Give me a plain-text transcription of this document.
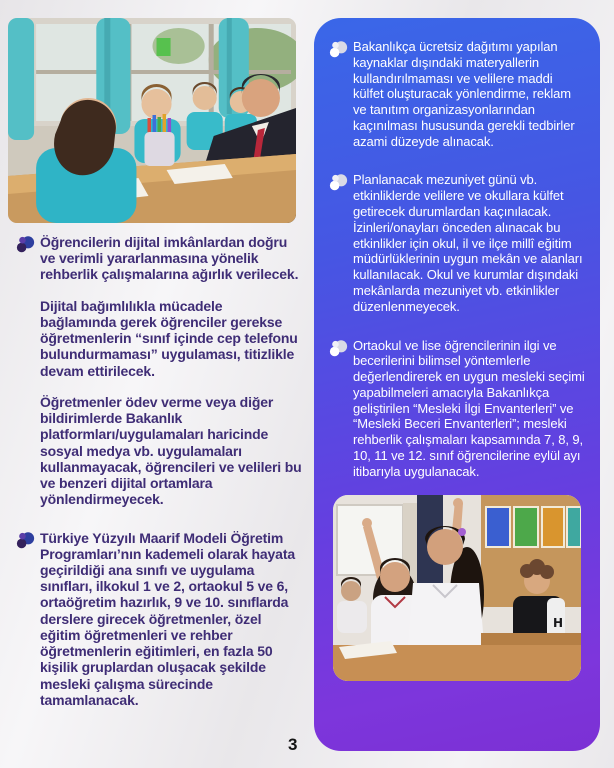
Öğrencilerin dijital imkânlardan doğru ve verimli yararlanmasına yönelik rehberlik çalışmalarına ağırlık verilecek.

Dijital bağımlılıkla mücadele bağlamında gerek öğrenciler gerekse öğretmenlerin “sınıf içinde cep telefonu bulundurmaması” uygulaması, titizlikle devam ettirilecek.

Öğretmenler ödev verme veya diğer bildirimlerde Bakanlık platformları/uygulamaları haricinde sosyal medya vb. uygulamaları kullanmayacak, öğrencileri ve velileri bu ve benzeri dijital ortamlara yönlendirmeyecek.

Türkiye Yüzyılı Maarif Modeli Öğretim Programları’nın kademeli olarak hayata geçirildiği ana sınıfı ve uygulama sınıfları, ilkokul 1 ve 2, ortaokul 5 ve 6, ortaöğretim hazırlık, 9 ve 10. sınıflarda derslere girecek öğretmenler, özel eğitim öğretmenleri ve rehber öğretmenlerin eğitimleri, en fazla 50 kişilik gruplardan oluşacak şekilde mesleki çalışma sürecinde tamamlanacak.

Bakanlıkça ücretsiz dağıtımı yapılan kaynaklar dışındaki materyallerin kullandırılmaması ve velilere maddi külfet oluşturacak yönlendirme, reklam ve tanıtım organizasyonlarından kaçınılması hususunda gerekli tedbirler azami düzeyde alınacak.
Planlanacak mezuniyet günü vb. etkinliklerde velilere ve okullara külfet getirecek durumlardan kaçınılacak. İzinleri/onayları önceden alınacak bu etkinlikler için okul, il ve ilçe millî eğitim müdürlüklerinin uygun mekân ve alanları kullanılacak. Okul ve kurumlar dışındaki mekânlarda mezuniyet vb. etkinlikler düzenlenmeyecek.
Ortaokul ve lise öğrencilerinin ilgi ve becerilerini bilimsel yöntemlerle değerlendirerek en uygun mesleki seçimi yapabilmeleri amacıyla Bakanlıkça geliştirilen “Mesleki İlgi Envanterleri” ve “Mesleki Beceri Envanterleri”; mesleki rehberlik çalışmaları kapsamında 7, 8, 9, 10, 11 ve 12. sınıf öğrencilerine eylül ayı itibarıyla uygulanacak.
H
3
